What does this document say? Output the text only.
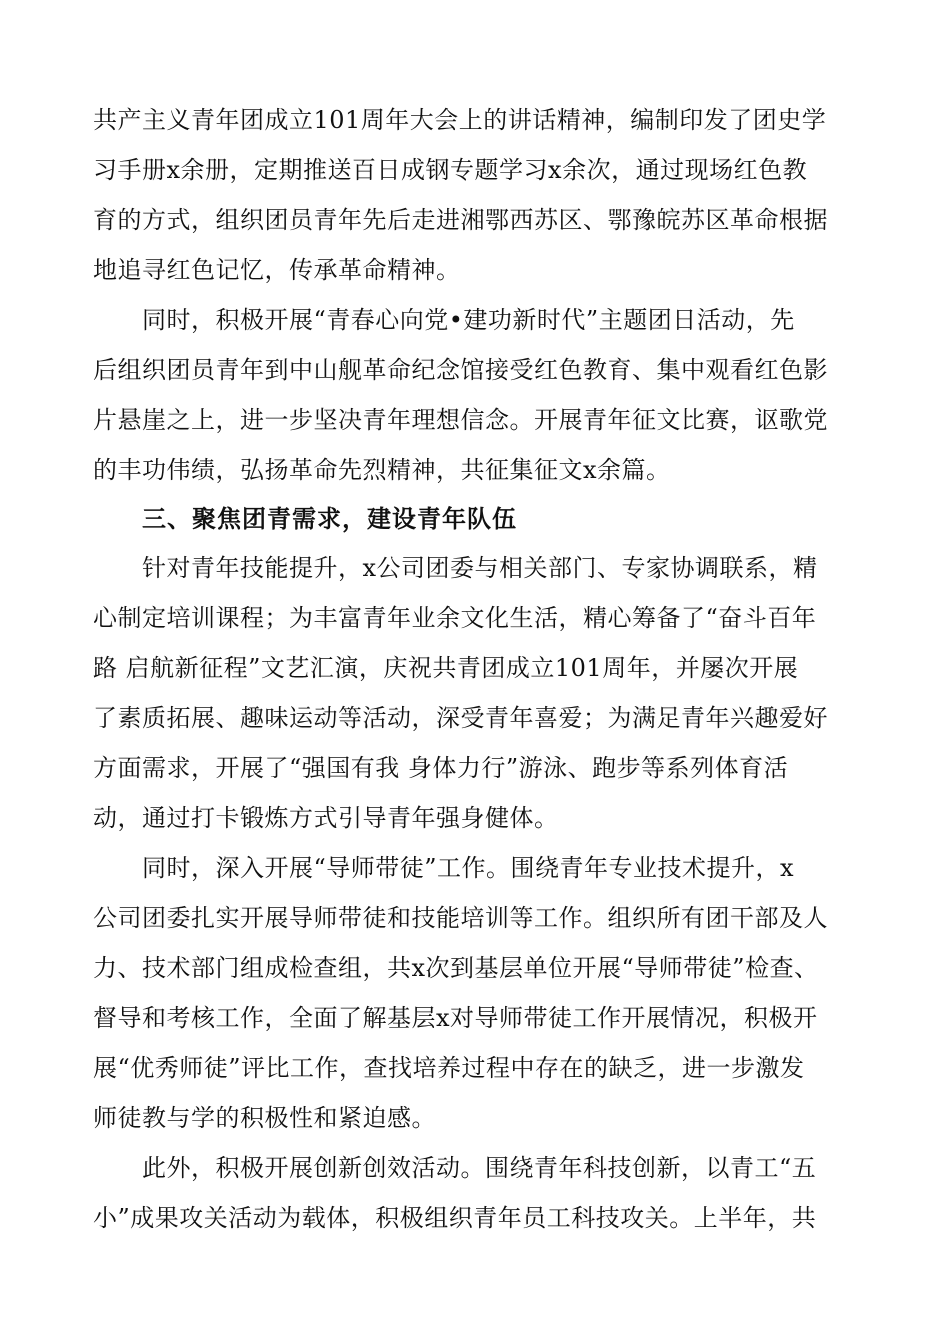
共产主义青年团成立101周年大会上的讲话精神，编制印发了团史学
习手册x余册，定期推送百日成钢专题学习x余次，通过现场红色教
育的方式，组织团员青年先后走进湘鄂西苏区、鄂豫皖苏区革命根据
地追寻红色记忆，传承革命精神。
同时，积极开展“青春心向党•建功新时代”主题团日活动，先
后组织团员青年到中山舰革命纪念馆接受红色教育、集中观看红色影
片悬崖之上，进一步坚决青年理想信念。开展青年征文比赛，讴歌党
的丰功伟绩，弘扬革命先烈精神，共征集征文x余篇。
三、聚焦团青需求，建设青年队伍
针对青年技能提升，x公司团委与相关部门、专家协调联系，精
心制定培训课程；为丰富青年业余文化生活，精心筹备了“奋斗百年
路 启航新征程”文艺汇演，庆祝共青团成立101周年，并屡次开展
了素质拓展、趣味运动等活动，深受青年喜爱；为满足青年兴趣爱好
方面需求，开展了“强国有我 身体力行”游泳、跑步等系列体育活
动，通过打卡锻炼方式引导青年强身健体。
同时，深入开展“导师带徒”工作。围绕青年专业技术提升，x
公司团委扎实开展导师带徒和技能培训等工作。组织所有团干部及人
力、技术部门组成检查组，共x次到基层单位开展“导师带徒”检查、
督导和考核工作，全面了解基层x对导师带徒工作开展情况，积极开
展“优秀师徒”评比工作，查找培养过程中存在的缺乏，进一步激发
师徒教与学的积极性和紧迫感。
此外，积极开展创新创效活动。围绕青年科技创新，以青工“五
小”成果攻关活动为载体，积极组织青年员工科技攻关。上半年，共
